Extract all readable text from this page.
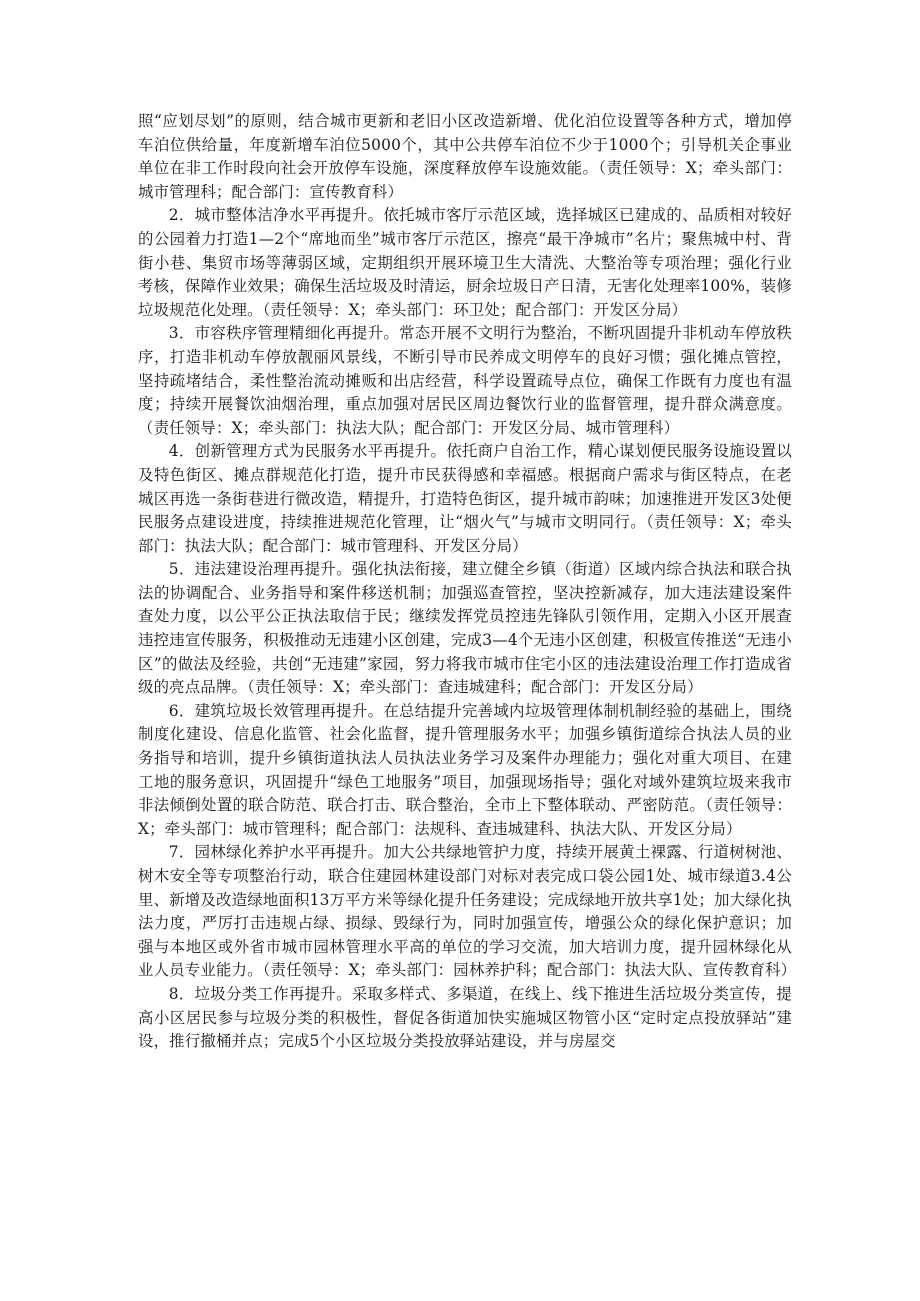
照“应划尽划”的原则，结合城市更新和老旧小区改造新增、优化泊位设置等各种方式，增加停车泊位供给量，年度新增车泊位5000个，其中公共停车泊位不少于1000个；引导机关企事业单位在非工作时段向社会开放停车设施，深度释放停车设施效能。（责任领导：X；牵头部门：城市管理科；配合部门：宣传教育科）

2．城市整体洁净水平再提升。依托城市客厅示范区域，选择城区已建成的、品质相对较好的公园着力打造1—2个“席地而坐”城市客厅示范区，擦亮“最干净城市”名片；聚焦城中村、背街小巷、集贸市场等薄弱区域，定期组织开展环境卫生大清洗、大整治等专项治理；强化行业考核，保障作业效果；确保生活垃圾及时清运，厨余垃圾日产日清，无害化处理率100%，装修垃圾规范化处理。（责任领导：X；牵头部门：环卫处；配合部门：开发区分局）

3．市容秩序管理精细化再提升。常态开展不文明行为整治，不断巩固提升非机动车停放秩序，打造非机动车停放靓丽风景线，不断引导市民养成文明停车的良好习惯；强化摊点管控，坚持疏堵结合，柔性整治流动摊贩和出店经营，科学设置疏导点位，确保工作既有力度也有温度；持续开展餐饮油烟治理，重点加强对居民区周边餐饮行业的监督管理，提升群众满意度。（责任领导：X；牵头部门：执法大队；配合部门：开发区分局、城市管理科）

4．创新管理方式为民服务水平再提升。依托商户自治工作，精心谋划便民服务设施设置以及特色街区、摊点群规范化打造，提升市民获得感和幸福感。根据商户需求与街区特点，在老城区再选一条街巷进行微改造，精提升，打造特色街区，提升城市韵味；加速推进开发区3处便民服务点建设进度，持续推进规范化管理，让“烟火气”与城市文明同行。（责任领导：X；牵头部门：执法大队；配合部门：城市管理科、开发区分局）

5．违法建设治理再提升。强化执法衔接，建立健全乡镇（街道）区域内综合执法和联合执法的协调配合、业务指导和案件移送机制；加强巡查管控，坚决控新减存，加大违法建设案件查处力度，以公平公正执法取信于民；继续发挥党员控违先锋队引领作用，定期入小区开展查违控违宣传服务，积极推动无违建小区创建，完成3—4个无违小区创建，积极宣传推送“无违小区”的做法及经验，共创“无违建”家园，努力将我市城市住宅小区的违法建设治理工作打造成省级的亮点品牌。（责任领导：X；牵头部门：查违城建科；配合部门：开发区分局）

6．建筑垃圾长效管理再提升。在总结提升完善域内垃圾管理体制机制经验的基础上，围绕制度化建设、信息化监管、社会化监督，提升管理服务水平；加强乡镇街道综合执法人员的业务指导和培训，提升乡镇街道执法人员执法业务学习及案件办理能力；强化对重大项目、在建工地的服务意识，巩固提升“绿色工地服务”项目，加强现场指导；强化对域外建筑垃圾来我市非法倾倒处置的联合防范、联合打击、联合整治，全市上下整体联动、严密防范。（责任领导：X；牵头部门：城市管理科；配合部门：法规科、查违城建科、执法大队、开发区分局）

7．园林绿化养护水平再提升。加大公共绿地管护力度，持续开展黄土裸露、行道树树池、树木安全等专项整治行动，联合住建园林建设部门对标对表完成口袋公园1处、城市绿道3.4公里、新增及改造绿地面积13万平方米等绿化提升任务建设；完成绿地开放共享1处；加大绿化执法力度，严厉打击违规占绿、损绿、毁绿行为，同时加强宣传，增强公众的绿化保护意识；加强与本地区或外省市城市园林管理水平高的单位的学习交流，加大培训力度，提升园林绿化从业人员专业能力。（责任领导：X；牵头部门：园林养护科；配合部门：执法大队、宣传教育科）

8．垃圾分类工作再提升。采取多样式、多渠道，在线上、线下推进生活垃圾分类宣传，提高小区居民参与垃圾分类的积极性，督促各街道加快实施城区物管小区“定时定点投放驿站”建设，推行撤桶并点；完成5个小区垃圾分类投放驿站建设，并与房屋交
